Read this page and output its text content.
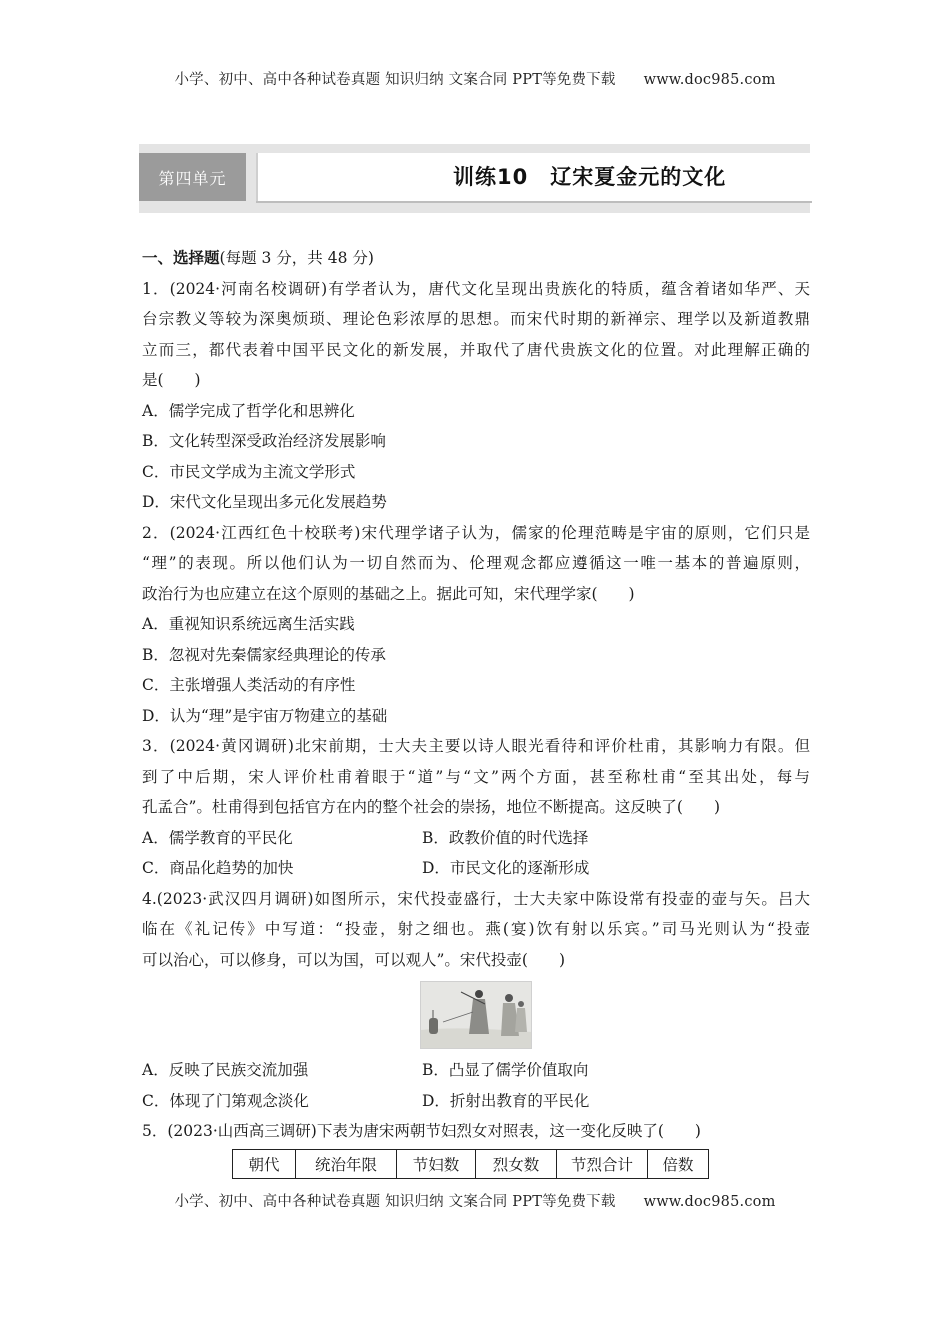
小学、初中、高中各种试卷真题 知识归纳 文案合同 PPT等免费下载 www.doc985.com
第四单元	训练10　辽宋夏金元的文化
一、选择题(每题 3 分，共 48 分)
1．(2024·河南名校调研)有学者认为，唐代文化呈现出贵族化的特质，蕴含着诸如华严、天
台宗教义等较为深奥烦琐、理论色彩浓厚的思想。而宋代时期的新禅宗、理学以及新道教鼎
立而三，都代表着中国平民文化的新发展，并取代了唐代贵族文化的位置。对此理解正确的
是(　　)
A．儒学完成了哲学化和思辨化
B．文化转型深受政治经济发展影响
C．市民文学成为主流文学形式
D．宋代文化呈现出多元化发展趋势
2．(2024·江西红色十校联考)宋代理学诸子认为，儒家的伦理范畴是宇宙的原则，它们只是
“理”的表现。所以他们认为一切自然而为、伦理观念都应遵循这一唯一基本的普遍原则，
政治行为也应建立在这个原则的基础之上。据此可知，宋代理学家(　　)
A．重视知识系统远离生活实践
B．忽视对先秦儒家经典理论的传承
C．主张增强人类活动的有序性
D．认为“理”是宇宙万物建立的基础
3．(2024·黄冈调研)北宋前期，士大夫主要以诗人眼光看待和评价杜甫，其影响力有限。但
到了中后期，宋人评价杜甫着眼于“道”与“文”两个方面，甚至称杜甫“至其出处，每与
孔孟合”。杜甫得到包括官方在内的整个社会的崇扬，地位不断提高。这反映了(　　)
A．儒学教育的平民化	B．政教价值的时代选择
C．商品化趋势的加快	D．市民文化的逐渐形成
4.(2023·武汉四月调研)如图所示，宋代投壶盛行，士大夫家中陈设常有投壶的壶与矢。吕大
临在《礼记传》中写道：“投壶，射之细也。燕(宴)饮有射以乐宾。”司马光则认为“投壶
可以治心，可以修身，可以为国，可以观人”。宋代投壶(　　)
A．反映了民族交流加强	B．凸显了儒学价值取向
C．体现了门第观念淡化	D．折射出教育的平民化
5．(2023·山西高三调研)下表为唐宋两朝节妇烈女对照表，这一变化反映了(　　)
朝代	统治年限	节妇数	烈女数	节烈合计	倍数
小学、初中、高中各种试卷真题 知识归纳 文案合同 PPT等免费下载 www.doc985.com
